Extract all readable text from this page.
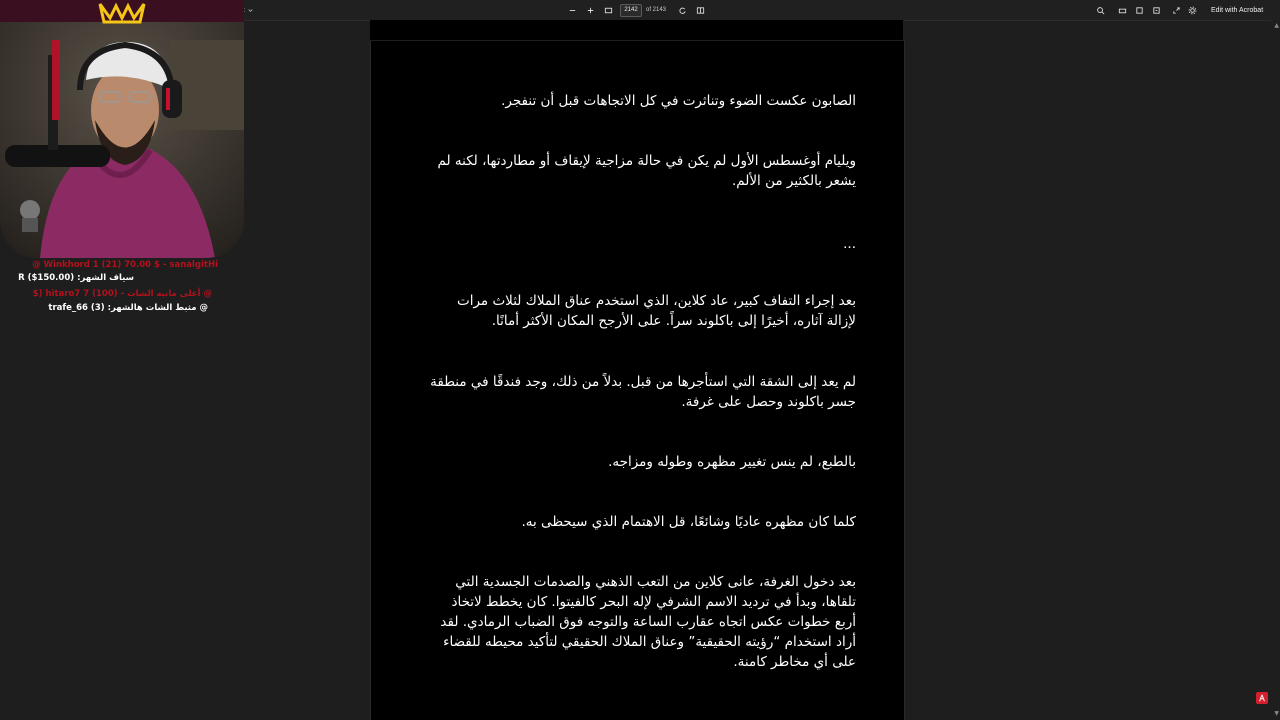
2142	of 2143	Edit with Acrobat
الصابون عكست الضوء وتناثرت في كل الاتجاهات قبل أن تنفجر.
ويليام أوغسطس الأول لم يكن في حالة مزاجية لإيقاف أو مطاردتها، لكنه لم يشعر بالكثير من الألم.
...
بعد إجراء التفاف كبير، عاد كلاين، الذي استخدم عناق الملاك لثلاث مرات لإزالة آثاره، أخيرًا إلى باكلوند سراً. على الأرجح المكان الأكثر أمانًا.
لم يعد إلى الشقة التي استأجرها من قبل. بدلاً من ذلك، وجد فندقًا في منطقة جسر باكلوند وحصل على غرفة.
بالطبع، لم ينس تغيير مظهره وطوله ومزاجه.
كلما كان مظهره عاديًا وشائعًا، قل الاهتمام الذي سيحظى به.
بعد دخول الغرفة، عانى كلاين من التعب الذهني والصدمات الجسدية التي تلقاها، وبدأ في ترديد الاسم الشرفي لإله البحر كالفيتوا. كان يخطط لاتخاذ أربع خطوات عكس اتجاه عقارب الساعة والتوجه فوق الضباب الرمادي. لقد أراد استخدام “رؤيته الحقيقية” وعناق الملاك الحقيقي لتأكيد محيطه للقضاء على أي مخاطر كامنة.
▲
▼
Winkhord 1 (21) 70.00 $ - sanalgitHi @
سياف الشهر: R ($150.00)
@ أعلى مانيه الشات - (100) 7 hitaro7 ($
@ مثبط الشات هالشهر: (3) trafe_66
